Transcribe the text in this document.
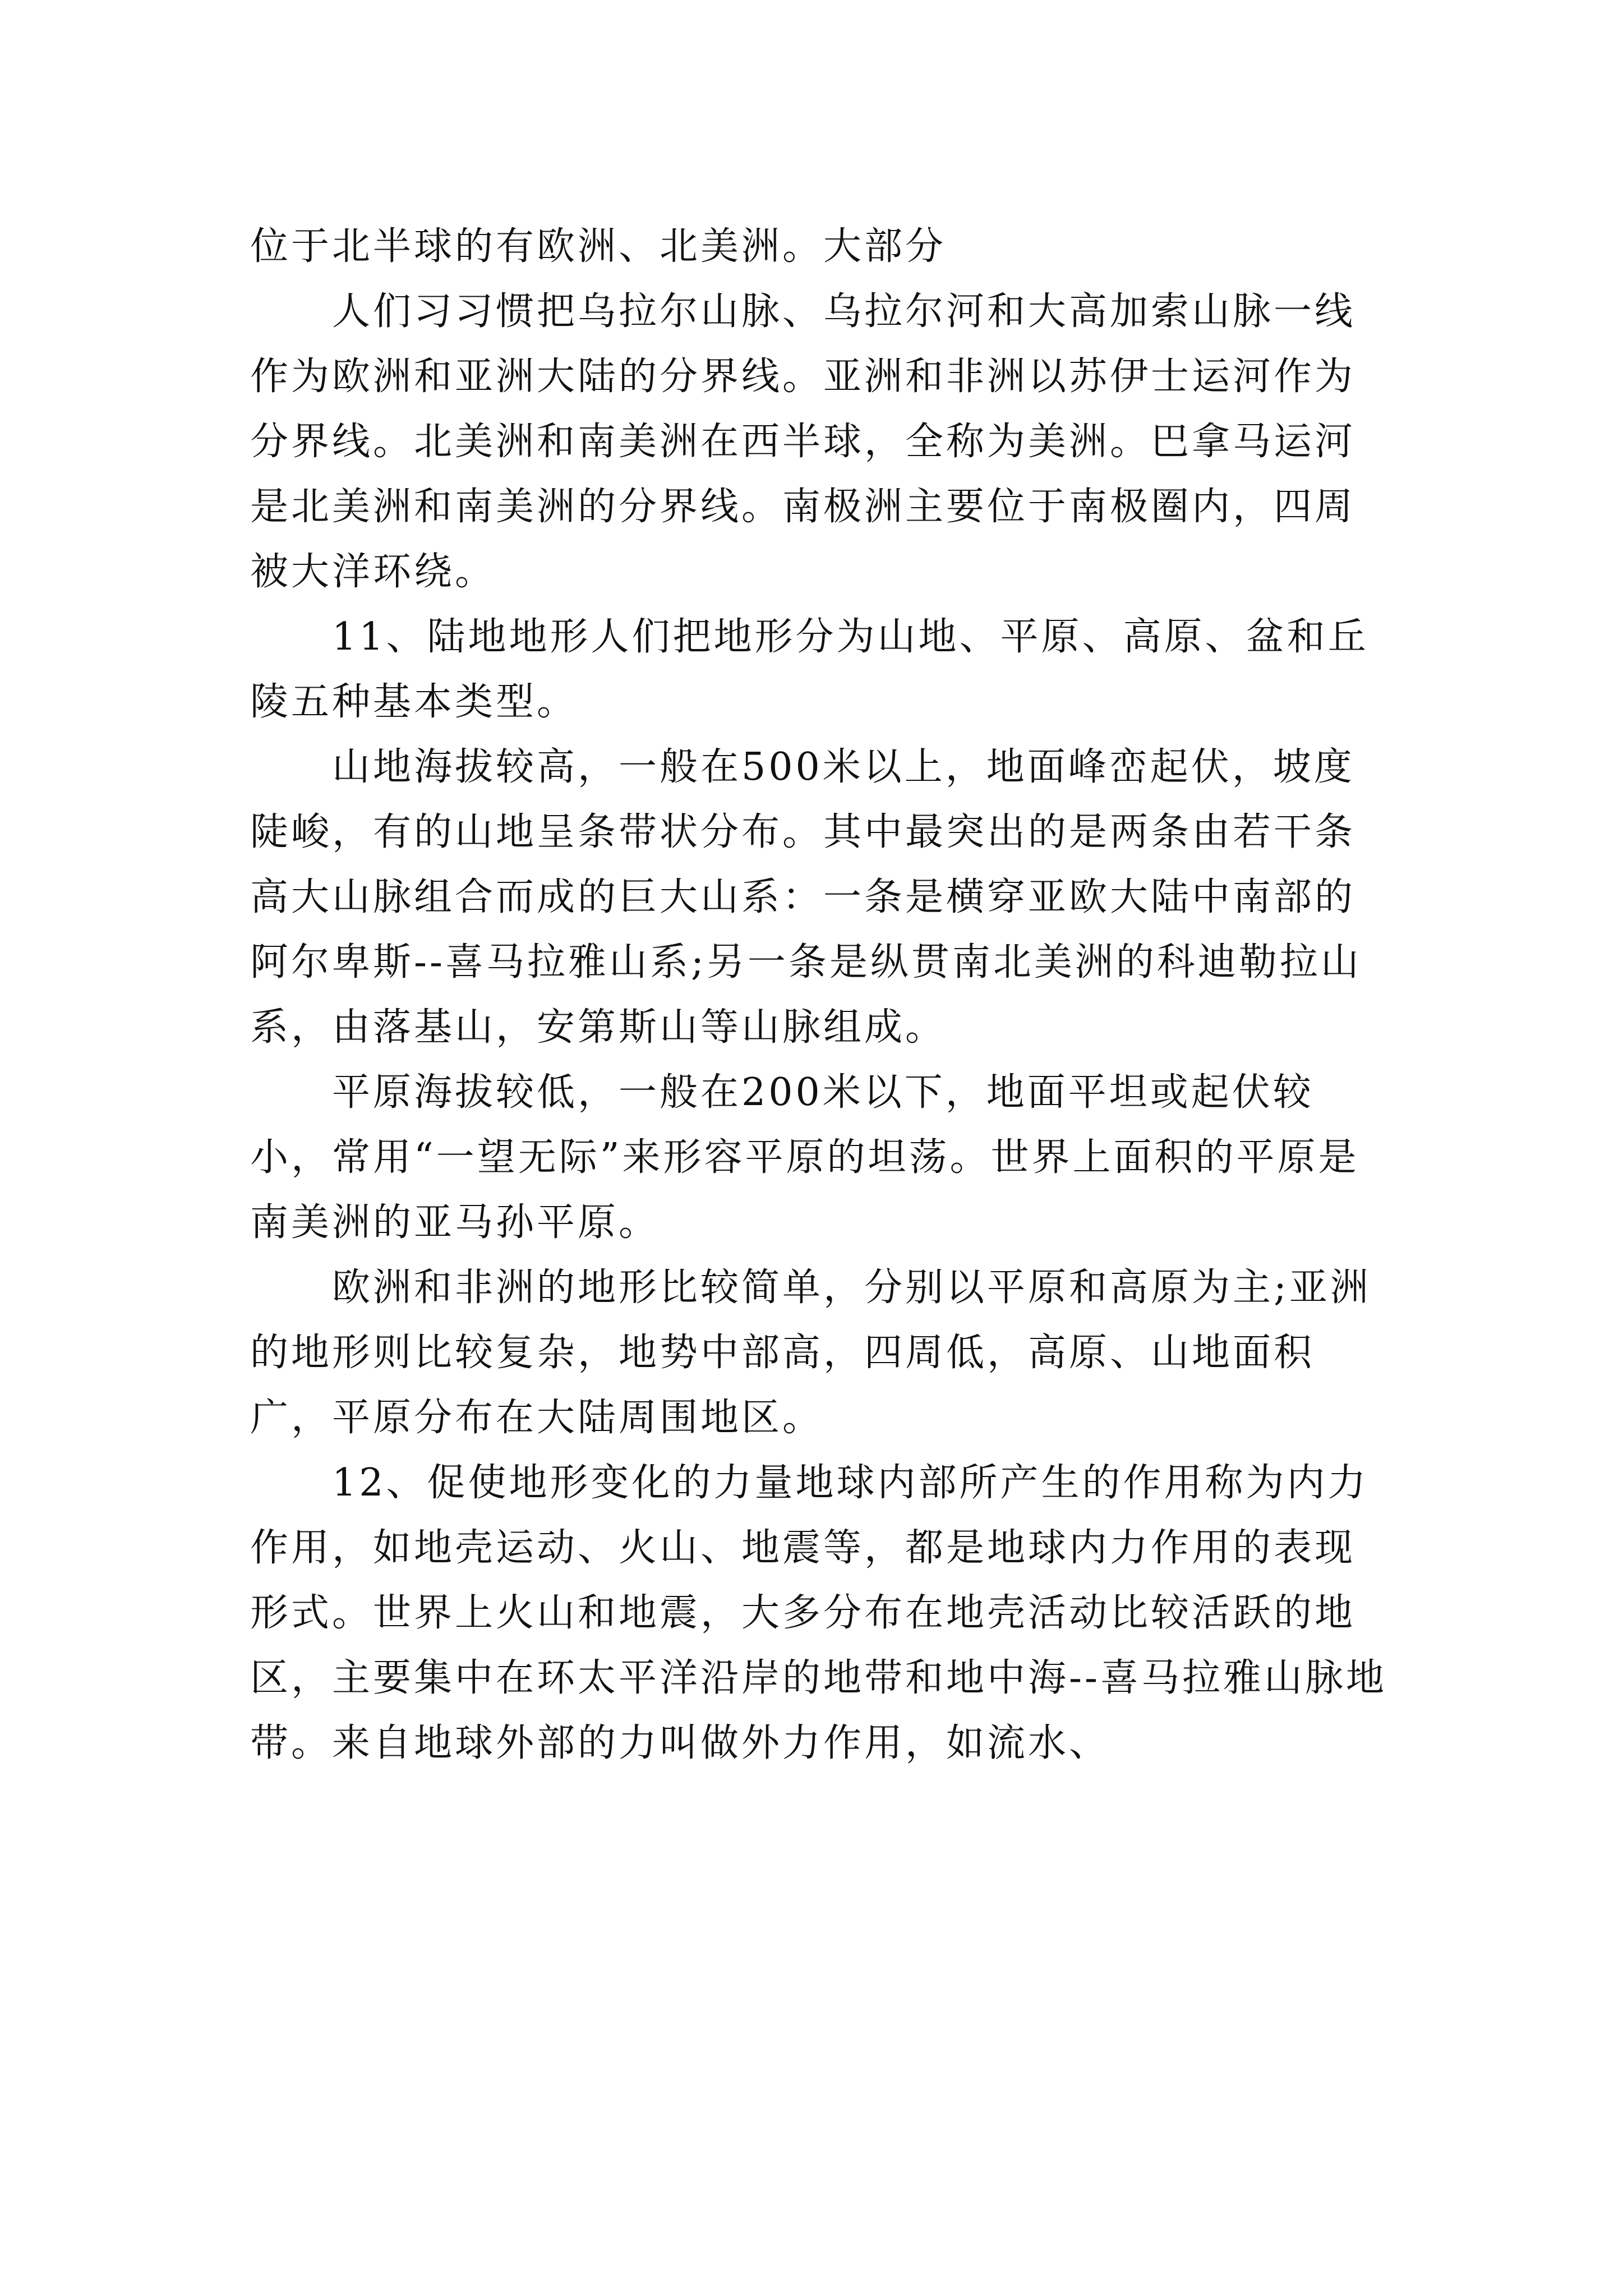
位于北半球的有欧洲、北美洲。大部分

人们习习惯把乌拉尔山脉、乌拉尔河和大高加索山脉一线作为欧洲和亚洲大陆的分界线。亚洲和非洲以苏伊士运河作为分界线。北美洲和南美洲在西半球，全称为美洲。巴拿马运河是北美洲和南美洲的分界线。南极洲主要位于南极圈内，四周被大洋环绕。

11、陆地地形人们把地形分为山地、平原、高原、盆和丘陵五种基本类型。

山地海拔较高，一般在500米以上，地面峰峦起伏，坡度陡峻，有的山地呈条带状分布。其中最突出的是两条由若干条高大山脉组合而成的巨大山系：一条是横穿亚欧大陆中南部的阿尔卑斯--喜马拉雅山系;另一条是纵贯南北美洲的科迪勒拉山系，由落基山，安第斯山等山脉组成。

平原海拔较低，一般在200米以下，地面平坦或起伏较小，常用“一望无际”来形容平原的坦荡。世界上面积的平原是南美洲的亚马孙平原。

欧洲和非洲的地形比较简单，分别以平原和高原为主;亚洲的地形则比较复杂，地势中部高，四周低，高原、山地面积广，平原分布在大陆周围地区。

12、促使地形变化的力量地球内部所产生的作用称为内力作用，如地壳运动、火山、地震等，都是地球内力作用的表现形式。世界上火山和地震，大多分布在地壳活动比较活跃的地区，主要集中在环太平洋沿岸的地带和地中海--喜马拉雅山脉地带。来自地球外部的力叫做外力作用，如流水、
